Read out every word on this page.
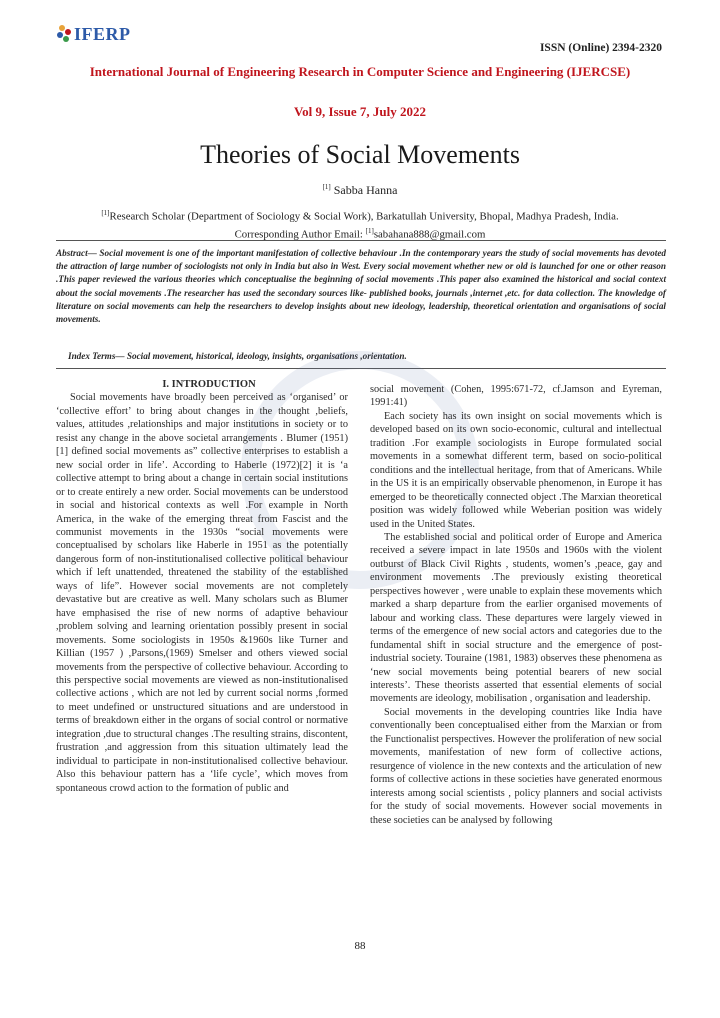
IFERP
ISSN (Online) 2394-2320
International Journal of Engineering Research in Computer Science and Engineering (IJERCSE)
Vol 9, Issue 7, July 2022
Theories of Social Movements
[1] Sabba Hanna
[1]Research Scholar (Department of Sociology & Social Work), Barkatullah University, Bhopal, Madhya Pradesh, India.
Corresponding Author Email: [1]sabahana888@gmail.com
Abstract— Social movement is one of the important manifestation of collective behaviour .In the contemporary years the study of social movements has devoted the attraction of large number of sociologists not only in India but also in West. Every social movement whether new or old is launched for one or other reason .This paper reviewed the various theories which conceptualise the beginning of social movements .This paper also examined the historical and social context about the social movements .The researcher has used the secondary sources like- published books, journals ,internet ,etc. for data collection. The knowledge of literature on social movements can help the researchers to develop insights about new ideology, leadership, theoretical orientation and organisations of social movements.
Index Terms— Social movement, historical, ideology, insights, organisations ,orientation.

I. INTRODUCTION

Social movements have broadly been perceived as ‘organised’ or ‘collective effort’ to bring about changes in the thought ,beliefs, values, attitudes ,relationships and major institutions in society or to resist any change in the above societal arrangements . Blumer (1951)[1] defined social movements as” collective enterprises to establish a new social order in life’. According to Haberle (1972)[2] it is ‘a collective attempt to bring about a change in certain social institutions or to create entirely a new order. Social movements can be understood in social and historical contexts as well .For example in North America, in the wake of the emerging threat from Fascist and the communist movements in the 1930s “social movements were conceptualised by scholars like Haberle in 1951 as the potentially dangerous form of non-institutionalised collective political behaviour which if left unattended, threatened the stability of the established ways of life”. However social movements are not completely devastative but are creative as well. Many scholars such as Blumer have emphasised the rise of new norms of adaptive behaviour ,problem solving and learning orientation possibly present in social movements. Some sociologists in 1950s &1960s like Turner and Killian (1957 ) ,Parsons,(1969) Smelser and others viewed social movements from the perspective of collective behaviour. According to this perspective social movements are viewed as non-institutionalised collective actions , which are not led by current social norms ,formed to meet undefined or unstructured situations and are understood in terms of breakdown either in the organs of social control or normative integration ,due to structural changes .The resulting strains, discontent, frustration ,and aggression from this situation ultimately lead the individual to participate in non-institutionalised collective behaviour. Also this behaviour pattern has a ‘life cycle’, which moves from spontaneous crowd action to the formation of public and

social movement (Cohen, 1995:671-72, cf.Jamson and Eyreman, 1991:41)

Each society has its own insight on social movements which is developed based on its own socio-economic, cultural and intellectual tradition .For example sociologists in Europe formulated social movements in a somewhat different term, based on socio-political conditions and the intellectual heritage, from that of Americans. While in the US it is an empirically observable phenomenon, in Europe it has emerged to be theoretically connected object .The Marxian theoretical position was widely followed while Weberian position was widely used in the United States.

The established social and political order of Europe and America received a severe impact in late 1950s and 1960s with the violent outburst of Black Civil Rights , students, women’s ,peace, gay and environment movements .The previously existing theoretical perspectives however , were unable to explain these movements which marked a sharp departure from the earlier organised movements of labour and working class. These departures were largely viewed in terms of the emergence of new social actors and categories due to the fundamental shift in social structure and the emergence of post- industrial society. Touraine (1981, 1983) observes these phenomena as ‘new social movements being potential bearers of new social interests’. These theorists asserted that essential elements of social movements are ideology, mobilisation , organisation and leadership.

Social movements in the developing countries like India have conventionally been conceptualised either from the Marxian or from the Functionalist perspectives. However the proliferation of new social movements, manifestation of new form of collective actions, resurgence of violence in the new contexts and the articulation of new forms of collective actions in these societies have generated enormous interests among social scientists , policy planners and social activists for the study of social movements. However social movements in these societies can be analysed by following

88
